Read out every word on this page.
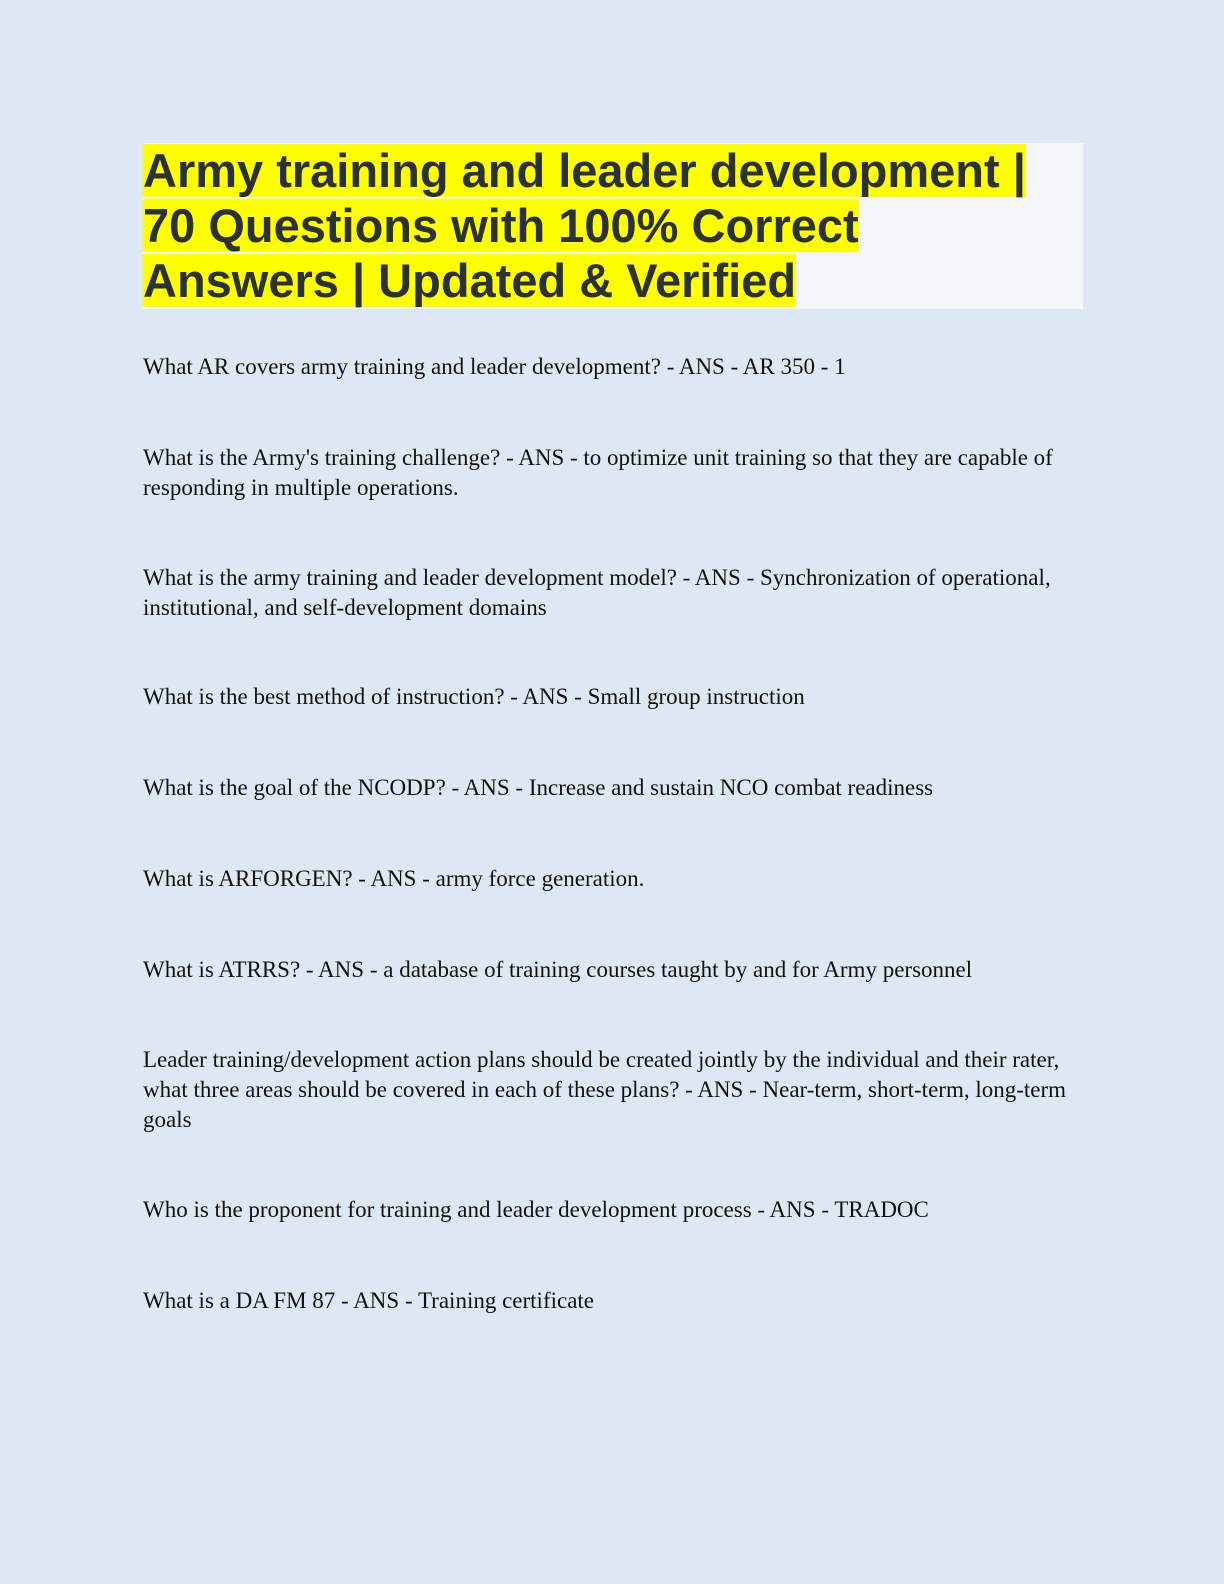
Army training and leader development |
70 Questions with 100% Correct
Answers | Updated & Verified

What AR covers army training and leader development? - ANS - AR 350 - 1

What is the Army's training challenge? - ANS - to optimize unit training so that they are capable of responding in multiple operations.

What is the army training and leader development model? - ANS - Synchronization of operational, institutional, and self-development domains

What is the best method of instruction? - ANS - Small group instruction

What is the goal of the NCODP? - ANS - Increase and sustain NCO combat readiness

What is ARFORGEN? - ANS - army force generation.

What is ATRRS? - ANS - a database of training courses taught by and for Army personnel

Leader training/development action plans should be created jointly by the individual and their rater, what three areas should be covered in each of these plans? - ANS - Near-term, short-term, long-term goals

Who is the proponent for training and leader development process - ANS - TRADOC

What is a DA FM 87 - ANS - Training certificate
